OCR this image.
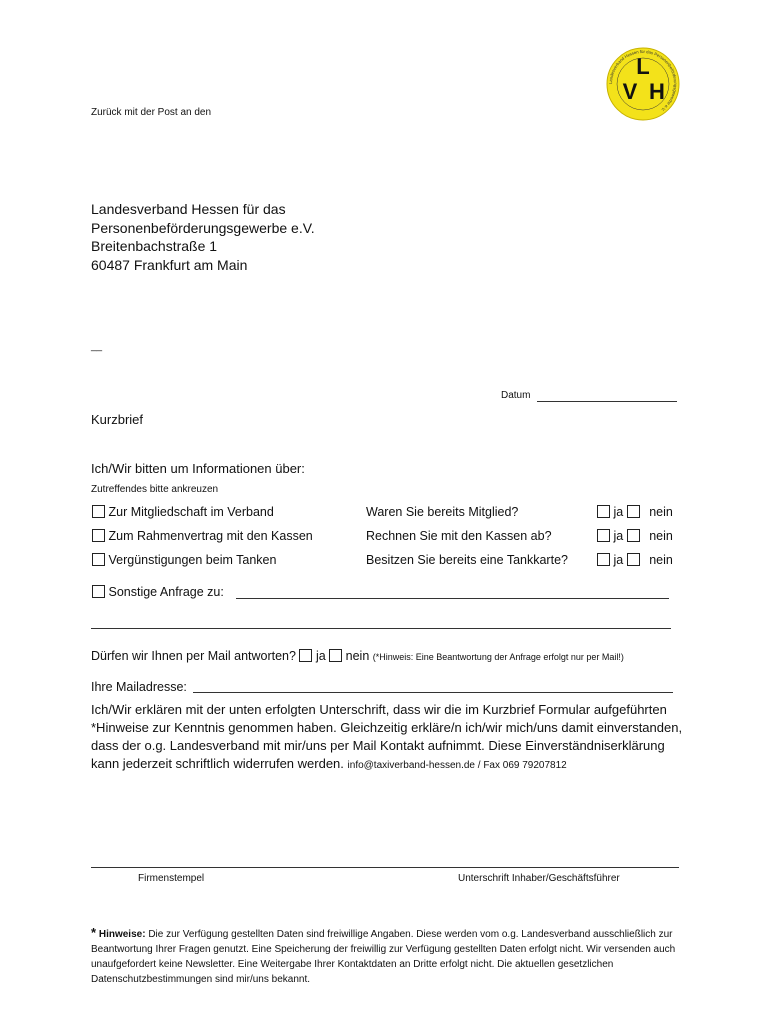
Landesverband Hessen für das Personenbeförderungsgewerbe e.V.
L
V H
Zurück mit der Post an den
Landesverband Hessen für das
Personenbeförderungsgewerbe e.V.
Breitenbachstraße 1
60487 Frankfurt am Main
__
Datum
Kurzbrief
Ich/Wir bitten um Informationen über:
Zutreffendes bitte ankreuzen
Zur Mitgliedschaft im Verband	Waren Sie bereits Mitglied?	ja nein
Zum Rahmenvertrag mit den Kassen	Rechnen Sie mit den Kassen ab?	ja nein
Vergünstigungen beim Tanken	Besitzen Sie bereits eine Tankkarte?	ja nein
Sonstige Anfrage zu:
Dürfen wir Ihnen per Mail antworten? ja nein (*Hinweis: Eine Beantwortung der Anfrage erfolgt nur per Mail!)
Ihre Mailadresse:
Ich/Wir erklären mit der unten erfolgten Unterschrift, dass wir die im Kurzbrief Formular aufgeführten *Hinweise zur Kenntnis genommen haben. Gleichzeitig erkläre/n ich/wir mich/uns damit einverstanden, dass der o.g. Landesverband mit mir/uns per Mail Kontakt aufnimmt. Diese Einverständniserklärung kann jederzeit schriftlich widerrufen werden. info@taxiverband-hessen.de / Fax 069 79207812
Firmenstempel	Unterschrift Inhaber/Geschäftsführer
* Hinweise: Die zur Verfügung gestellten Daten sind freiwillige Angaben. Diese werden vom o.g. Landesverband ausschließlich zur Beantwortung Ihrer Fragen genutzt. Eine Speicherung der freiwillig zur Verfügung gestellten Daten erfolgt nicht. Wir versenden auch unaufgefordert keine Newsletter. Eine Weitergabe Ihrer Kontaktdaten an Dritte erfolgt nicht. Die aktuellen gesetzlichen Datenschutzbestimmungen sind mir/uns bekannt.
